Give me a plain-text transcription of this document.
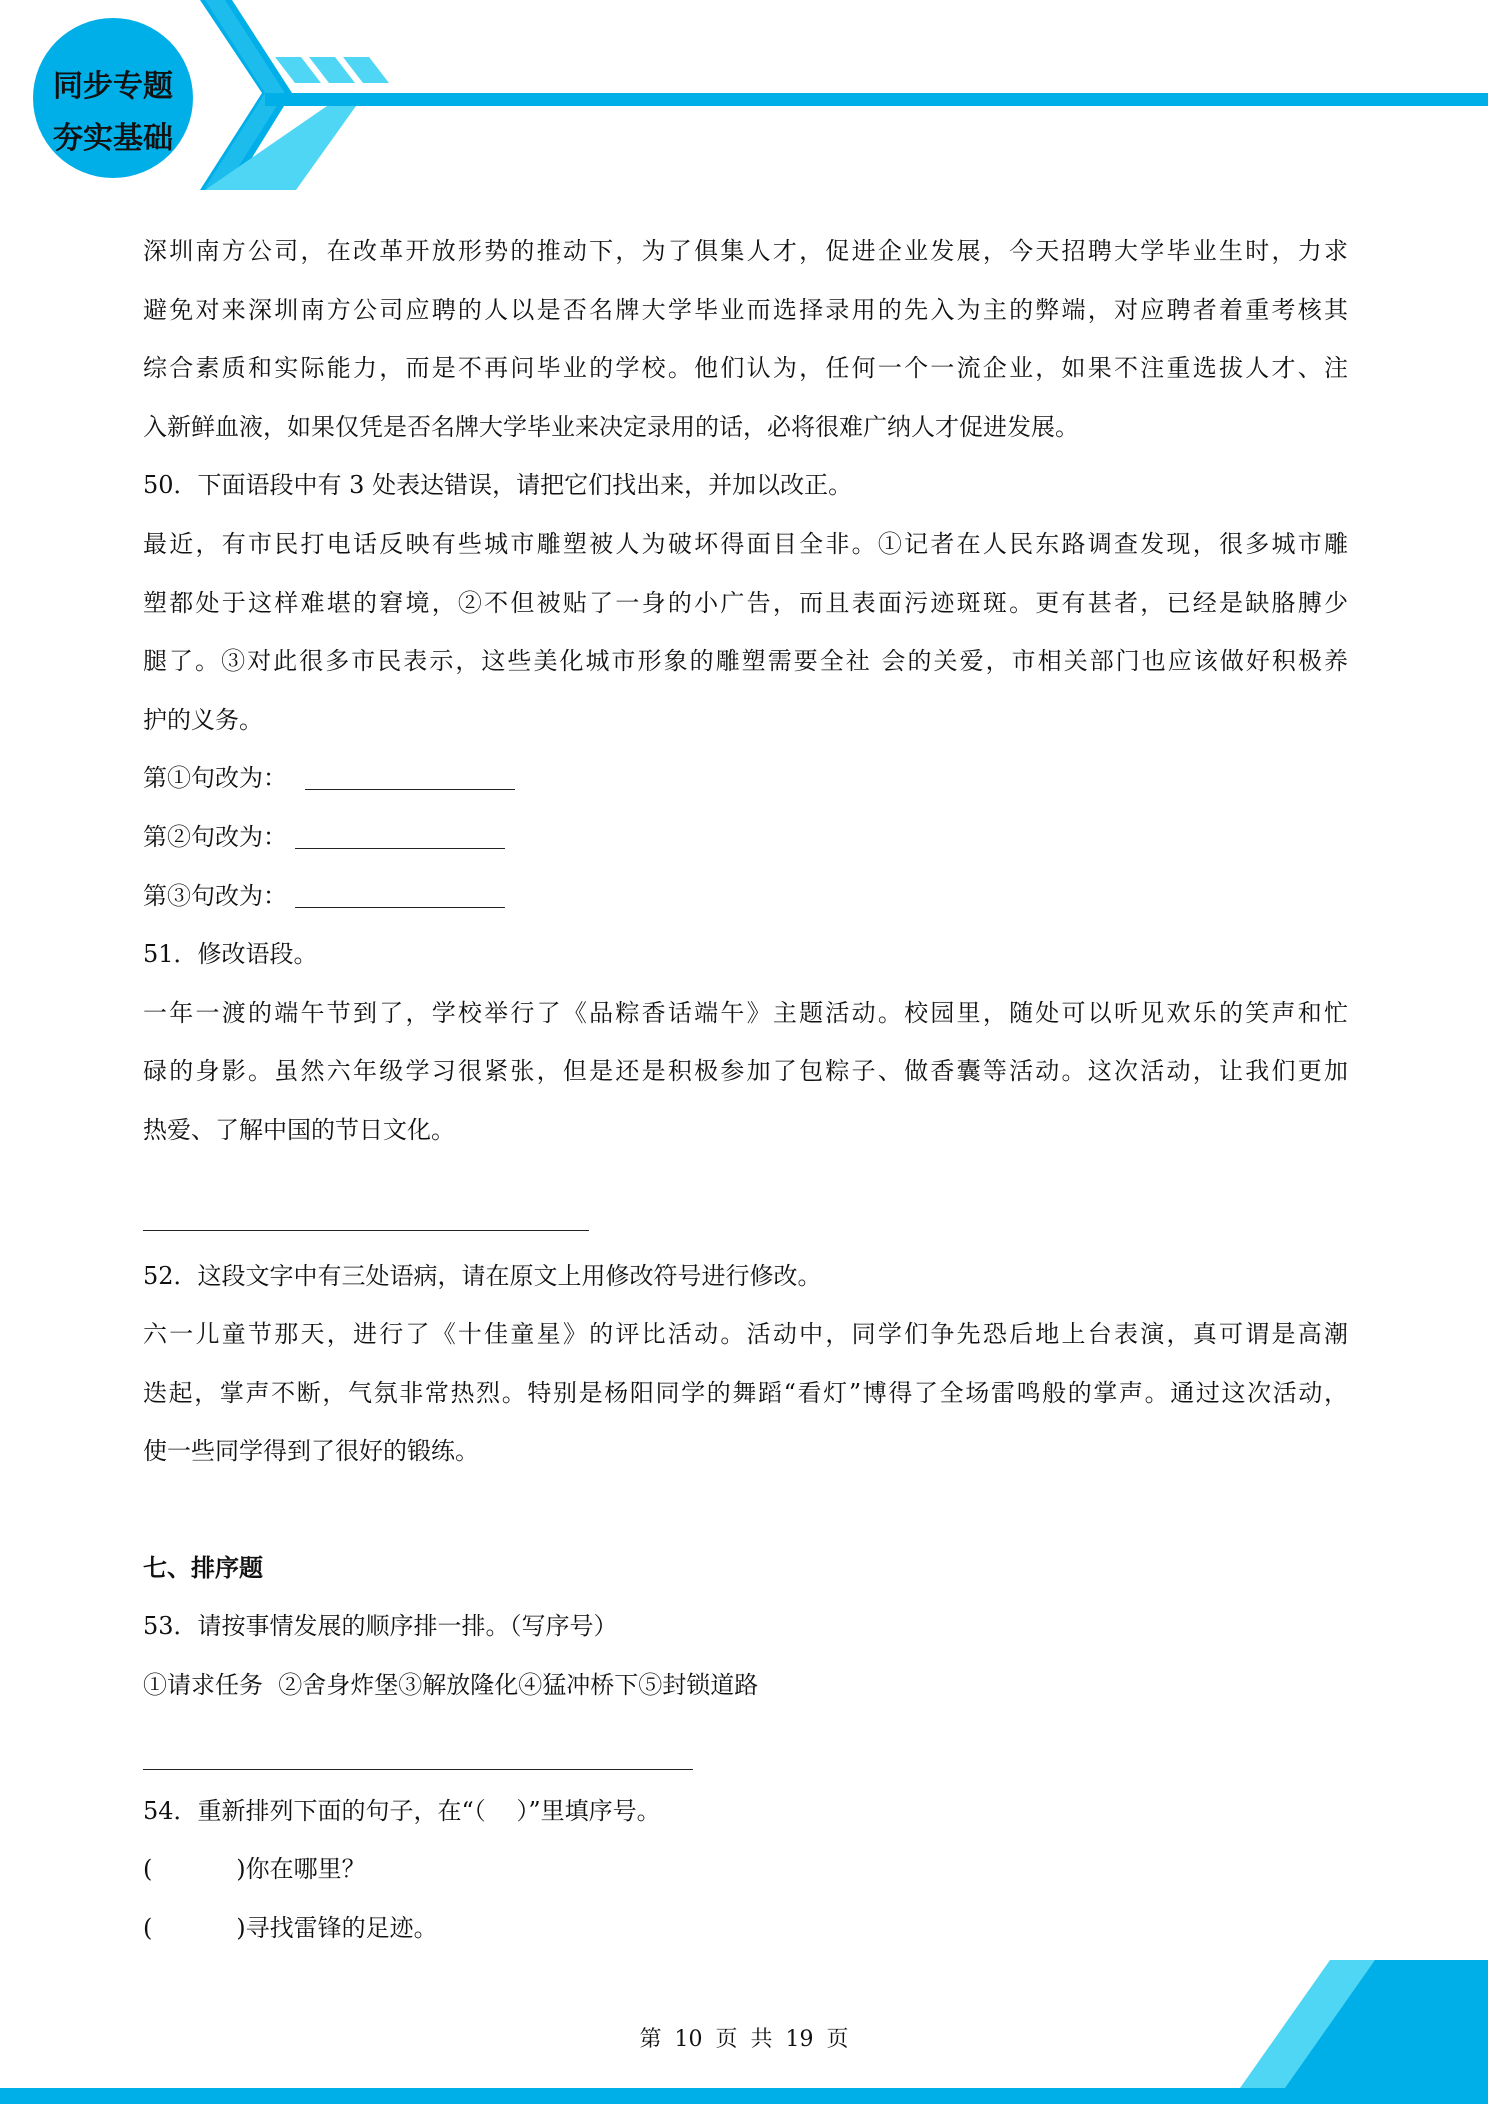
同步专题
夯实基础
深圳南方公司，在改革开放形势的推动下，为了俱集人才，促进企业发展，今天招聘大学毕业生时，力求
避免对来深圳南方公司应聘的人以是否名牌大学毕业而选择录用的先入为主的弊端，对应聘者着重考核其
综合素质和实际能力，而是不再问毕业的学校。他们认为，任何一个一流企业，如果不注重选拔人才、注
入新鲜血液，如果仅凭是否名牌大学毕业来决定录用的话，必将很难广纳人才促进发展。
50．下面语段中有 3 处表达错误，请把它们找出来，并加以改正。
最近，有市民打电话反映有些城市雕塑被人为破坏得面目全非。①记者在人民东路调查发现，很多城市雕
塑都处于这样难堪的窘境，②不但被贴了一身的小广告，而且表面污迹斑斑。更有甚者，已经是缺胳膊少
腿了。③对此很多市民表示，这些美化城市形象的雕塑需要全社 会的关爱，市相关部门也应该做好积极养
护的义务。
第①句改为：
第②句改为：
第③句改为：
51．修改语段。
一年一渡的端午节到了，学校举行了《品粽香话端午》主题活动。校园里，随处可以听见欢乐的笑声和忙
碌的身影。虽然六年级学习很紧张，但是还是积极参加了包粽子、做香囊等活动。这次活动，让我们更加
热爱、了解中国的节日文化。
52．这段文字中有三处语病，请在原文上用修改符号进行修改。
六一儿童节那天，进行了《十佳童星》的评比活动。活动中，同学们争先恐后地上台表演，真可谓是高潮
迭起，掌声不断，气氛非常热烈。特别是杨阳同学的舞蹈“看灯”博得了全场雷鸣般的掌声。通过这次活动，
使一些同学得到了很好的锻练。
七、排序题
53．请按事情发展的顺序排一排。（写序号）
①请求任务  ②舍身炸堡③解放隆化④猛冲桥下⑤封锁道路
54．重新排列下面的句子，在“（    ）”里填序号。
(           )你在哪里？
(           )寻找雷锋的足迹。
第 10 页 共 19 页
